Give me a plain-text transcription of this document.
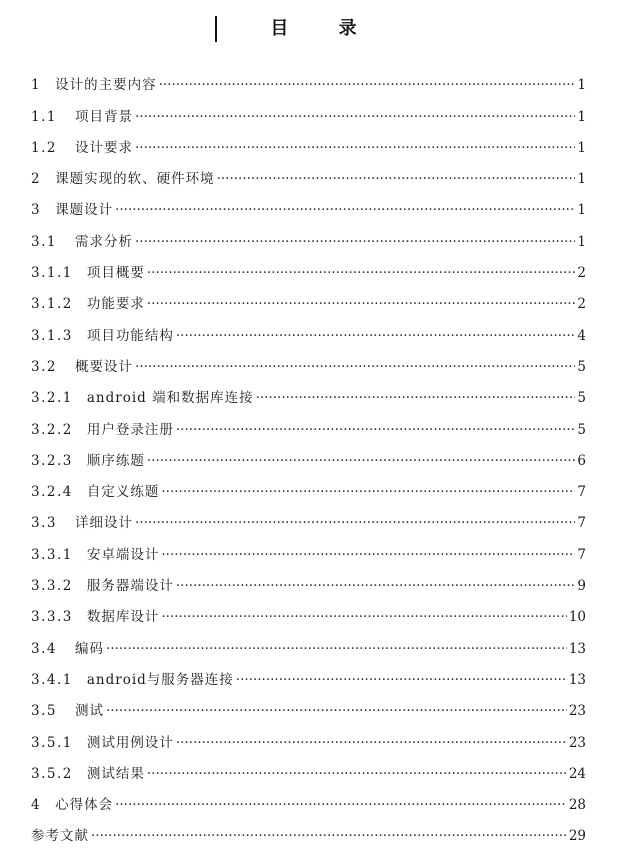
目 录
1	设计的主要内容 ·····	1
1.1	项目背景 ·····	1
1.2	设计要求 ·····	1
2	课题实现的软、硬件环境 ·····	1
3	课题设计 ·····	1
3.1	需求分析 ·····	1
3.1.1	项目概要 ·····	2
3.1.2	功能要求 ·····	2
3.1.3	项目功能结构 ·····	4
3.2	概要设计 ·····	5
3.2.1	android 端和数据库连接 ·····	5
3.2.2	用户登录注册 ·····	5
3.2.3	顺序练题 ·····	6
3.2.4	自定义练题 ·····	7
3.3	详细设计 ·····	7
3.3.1	安卓端设计 ·····	7
3.3.2	服务器端设计 ·····	9
3.3.3	数据库设计 ·····	10
3.4	编码 ·····	13
3.4.1	android与服务器连接 ·····	13
3.5	测试 ·····	23
3.5.1	测试用例设计 ·····	23
3.5.2	测试结果 ·····	24
4	心得体会 ·····	28
参考文献 ·····	29
